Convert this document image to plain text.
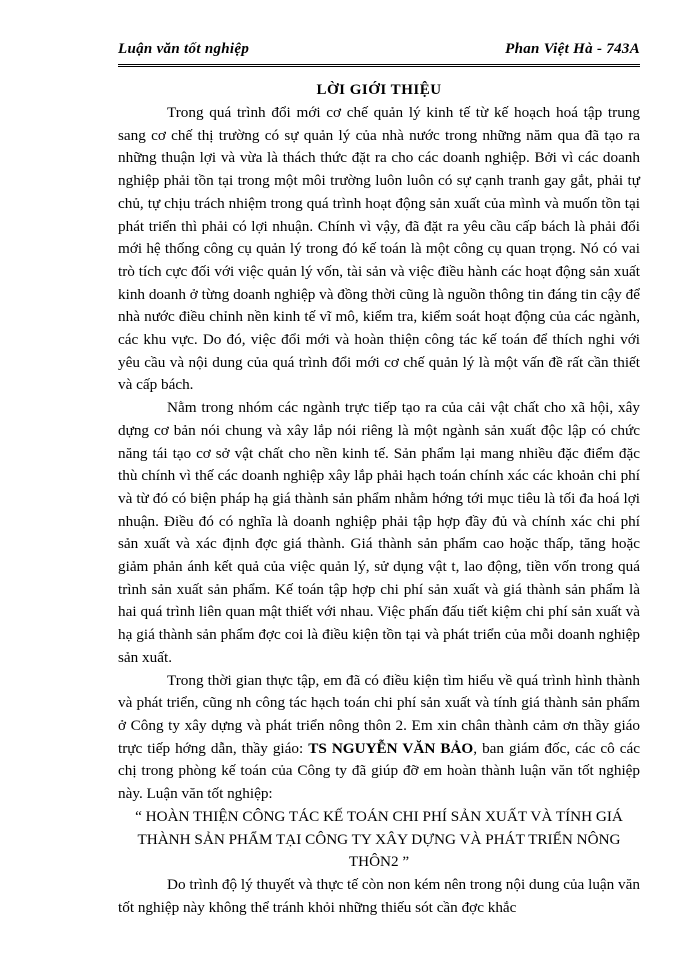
Luận văn tốt nghiệp	Phan Việt Hà - 743A
LỜI GIỚI THIỆU

Trong quá trình đổi mới cơ chế quản lý kinh tế từ kế hoạch hoá tập trung sang cơ chế thị trường có sự quản lý của nhà nước trong những năm qua đã tạo ra những thuận lợi và vừa là thách thức đặt ra cho các doanh nghiệp. Bởi vì các doanh nghiệp phải tồn tại trong một môi trường luôn luôn có sự cạnh tranh gay gắt, phải tự chủ, tự chịu trách nhiệm trong quá trình hoạt động sản xuất của mình và muốn tồn tại phát triển thì phải có lợi nhuận. Chính vì vậy, đã đặt ra yêu cầu cấp bách là phải đổi mới hệ thống công cụ quản lý trong đó kế toán là một công cụ quan trọng. Nó có vai trò tích cực đối với việc quản lý vốn, tài sản và việc điều hành các hoạt động sản xuất kinh doanh ở từng doanh nghiệp và đồng thời cũng là nguồn thông tin đáng tin cậy để nhà nước điều chỉnh nền kinh tế vĩ mô, kiểm tra, kiểm soát hoạt động của các ngành, các khu vực. Do đó, việc đổi mới và hoàn thiện công tác kế toán để thích nghi với yêu cầu và nội dung của quá trình đổi mới cơ chế quản lý là một vấn đề rất cần thiết và cấp bách.

Nằm trong nhóm các ngành trực tiếp tạo ra của cải vật chất cho xã hội, xây dựng cơ bản nói chung và xây lắp nói riêng là một ngành sản xuất độc lập có chức năng tái tạo cơ sở vật chất cho nền kinh tế. Sản phẩm lại mang nhiều đặc điểm đặc thù chính vì thế các doanh nghiệp xây lắp phải hạch toán chính xác các khoản chi phí và từ đó có biện pháp hạ giá thành sản phẩm nhằm hớng tới mục tiêu là tối đa hoá lợi nhuận. Điều đó có nghĩa là doanh nghiệp phải tập hợp đầy đủ và chính xác chi phí sản xuất và xác định đợc giá thành. Giá thành sản phẩm cao hoặc thấp, tăng hoặc giảm phản ánh kết quả của việc quản lý, sử dụng vật t, lao động, tiền vốn trong quá trình sản xuất sản phẩm. Kế toán tập hợp chi phí sản xuất và giá thành sản phẩm là hai quá trình liên quan mật thiết với nhau. Việc phấn đấu tiết kiệm chi phí sản xuất và hạ giá thành sản phẩm đợc coi là điều kiện tồn tại và phát triển của mỗi doanh nghiệp sản xuất.

Trong thời gian thực tập, em đã có điều kiện tìm hiểu về quá trình hình thành và phát triển, cũng nh công tác hạch toán chi phí sản xuất và tính giá thành sản phẩm ở Công ty xây dựng và phát triển nông thôn 2. Em xin chân thành cảm ơn thầy giáo trực tiếp hớng dẫn, thầy giáo: TS NGUYỄN VĂN BẢO, ban giám đốc, các cô các chị trong phòng kế toán của Công ty đã giúp đỡ em hoàn thành luận văn tốt nghiệp này. Luận văn tốt nghiệp:

“ HOÀN THIỆN CÔNG TÁC KẾ TOÁN CHI PHÍ SẢN XUẤT VÀ TÍNH GIÁ THÀNH SẢN PHẨM TẠI CÔNG TY XÂY DỰNG VÀ PHÁT TRIỂN NÔNG THÔN2 ”

Do trình độ lý thuyết và thực tế còn non kém nên trong nội dung của luận văn tốt nghiệp này không thể tránh khỏi những thiếu sót cần đợc khắc
